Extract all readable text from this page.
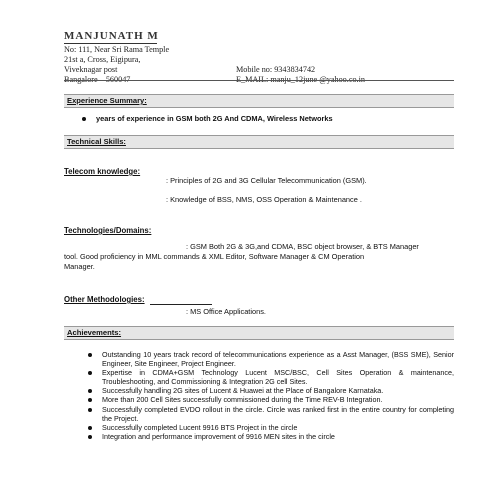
MANJUNATH M
No: 111, Near Sri Rama Temple
21st a, Cross, Eigipura,
Viveknagar post	Mobile no: 9343834742
Experience Summary:
years of experience in GSM both 2G And CDMA, Wireless Networks
Technical Skills:
Telecom knowledge:
: Principles of 2G and 3G Cellular Telecommunication (GSM).
: Knowledge of BSS, NMS, OSS Operation & Maintenance .
Technologies/Domains:
: GSM Both 2G & 3G,and CDMA, BSC object browser, & BTS Manager
tool. Good proficiency in MML commands & XML Editor, Software Manager & CM Operation
Manager.
Other Methodologies:
: MS Office Applications.
Achievements:
Outstanding 10 years track record of telecommunications experience as a Asst Manager, (BSS SME), Senior Engineer, Site Engineer, Project Engineer.
Expertise in CDMA+GSM Technology Lucent MSC/BSC, Cell Sites Operation & maintenance, Troubleshooting, and Commissioning & Integration 2G cell Sites.
Successfully handling 2G sites of Lucent & Huawei at the Place of Bangalore Karnataka.
More than 200 Cell Sites successfully commissioned during the Time REV-B Integration.
Successfully completed EVDO rollout in the circle. Circle was ranked first in the entire country for completing the Project.
Successfully completed Lucent 9916 BTS Project in the circle
Integration and performance improvement of 9916 MEN sites in the circle
